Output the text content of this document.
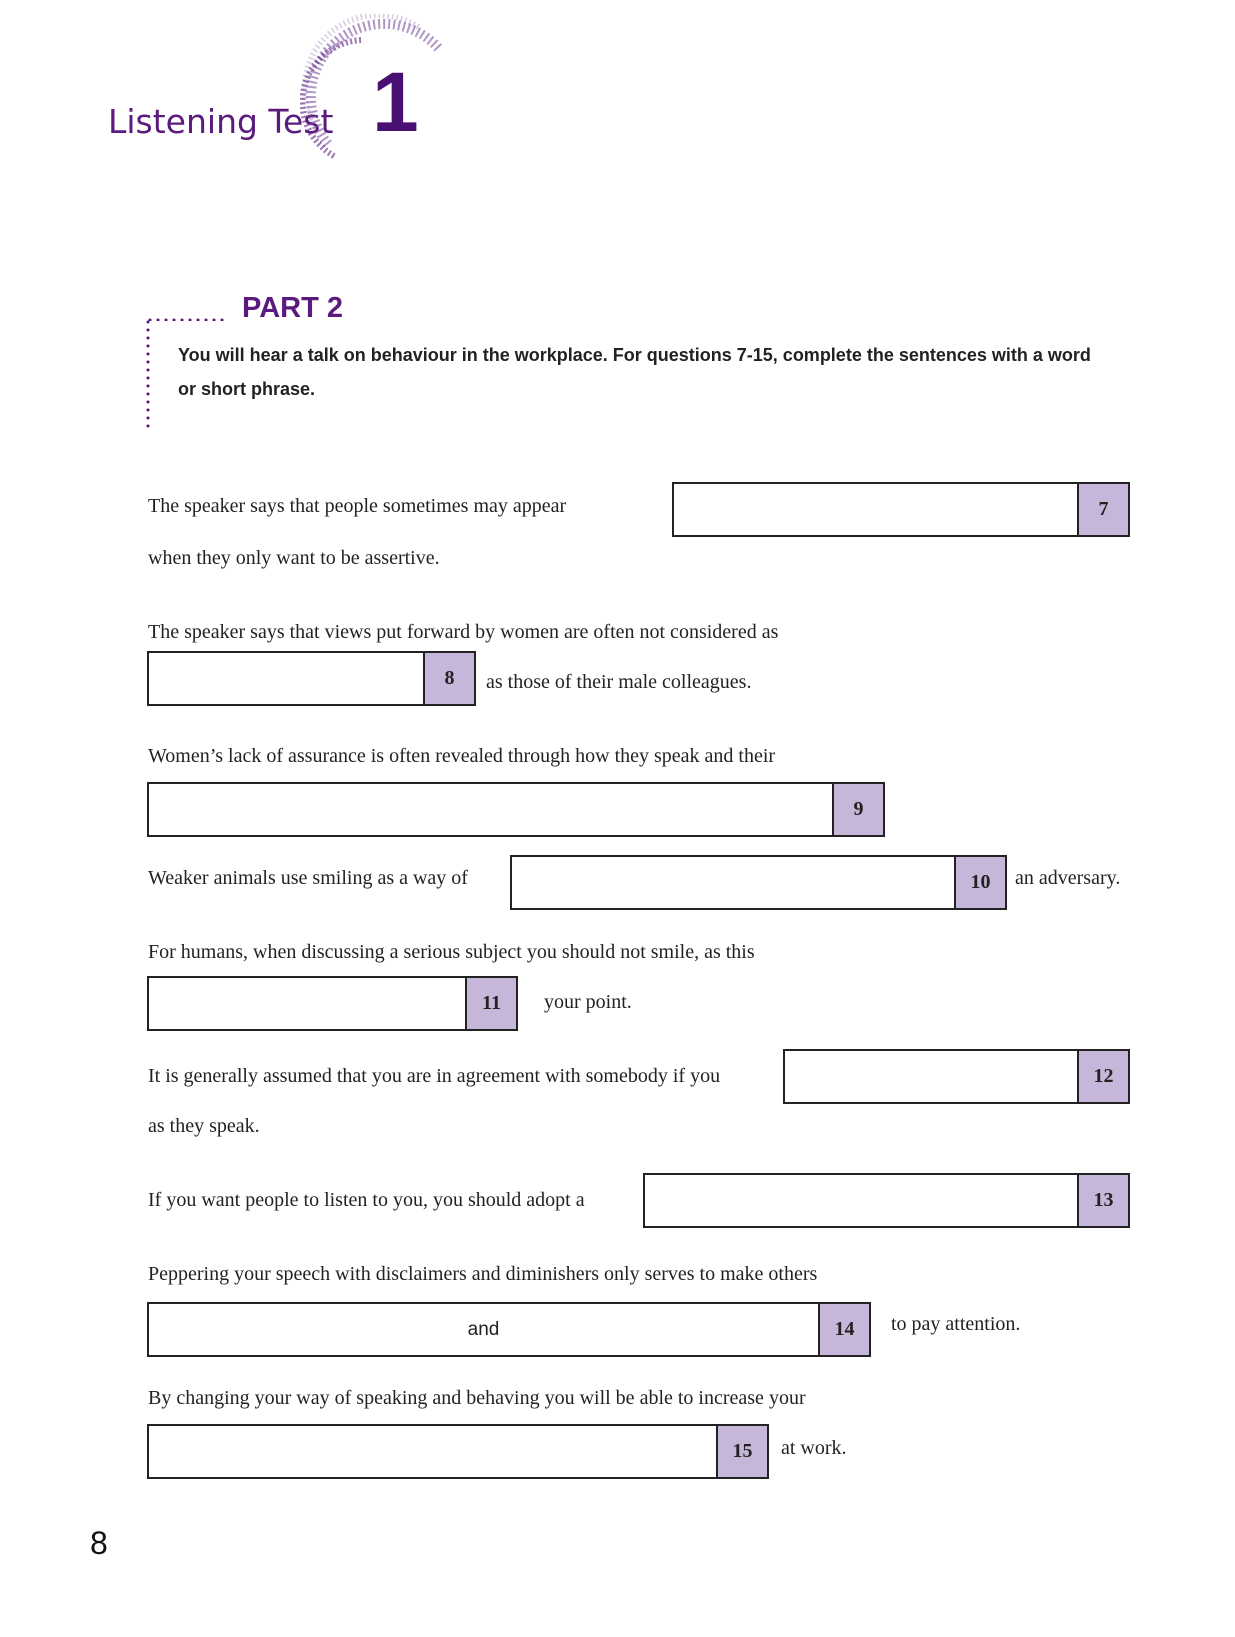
Listening Test 1
PART 2
You will hear a talk on behaviour in the workplace. For questions 7-15, complete the sentences with a word
or short phrase.
The speaker says that people sometimes may appear	7
when they only want to be assertive.
The speaker says that views put forward by women are often not considered as
8	as those of their male colleagues.
Women’s lack of assurance is often revealed through how they speak and their
9
Weaker animals use smiling as a way of	10	an adversary.
For humans, when discussing a serious subject you should not smile, as this
11	your point.
It is generally assumed that you are in agreement with somebody if you	12
as they speak.
If you want people to listen to you, you should adopt a	13
Peppering your speech with disclaimers and diminishers only serves to make others
and	14	to pay attention.
By changing your way of speaking and behaving you will be able to increase your
15	at work.
8
